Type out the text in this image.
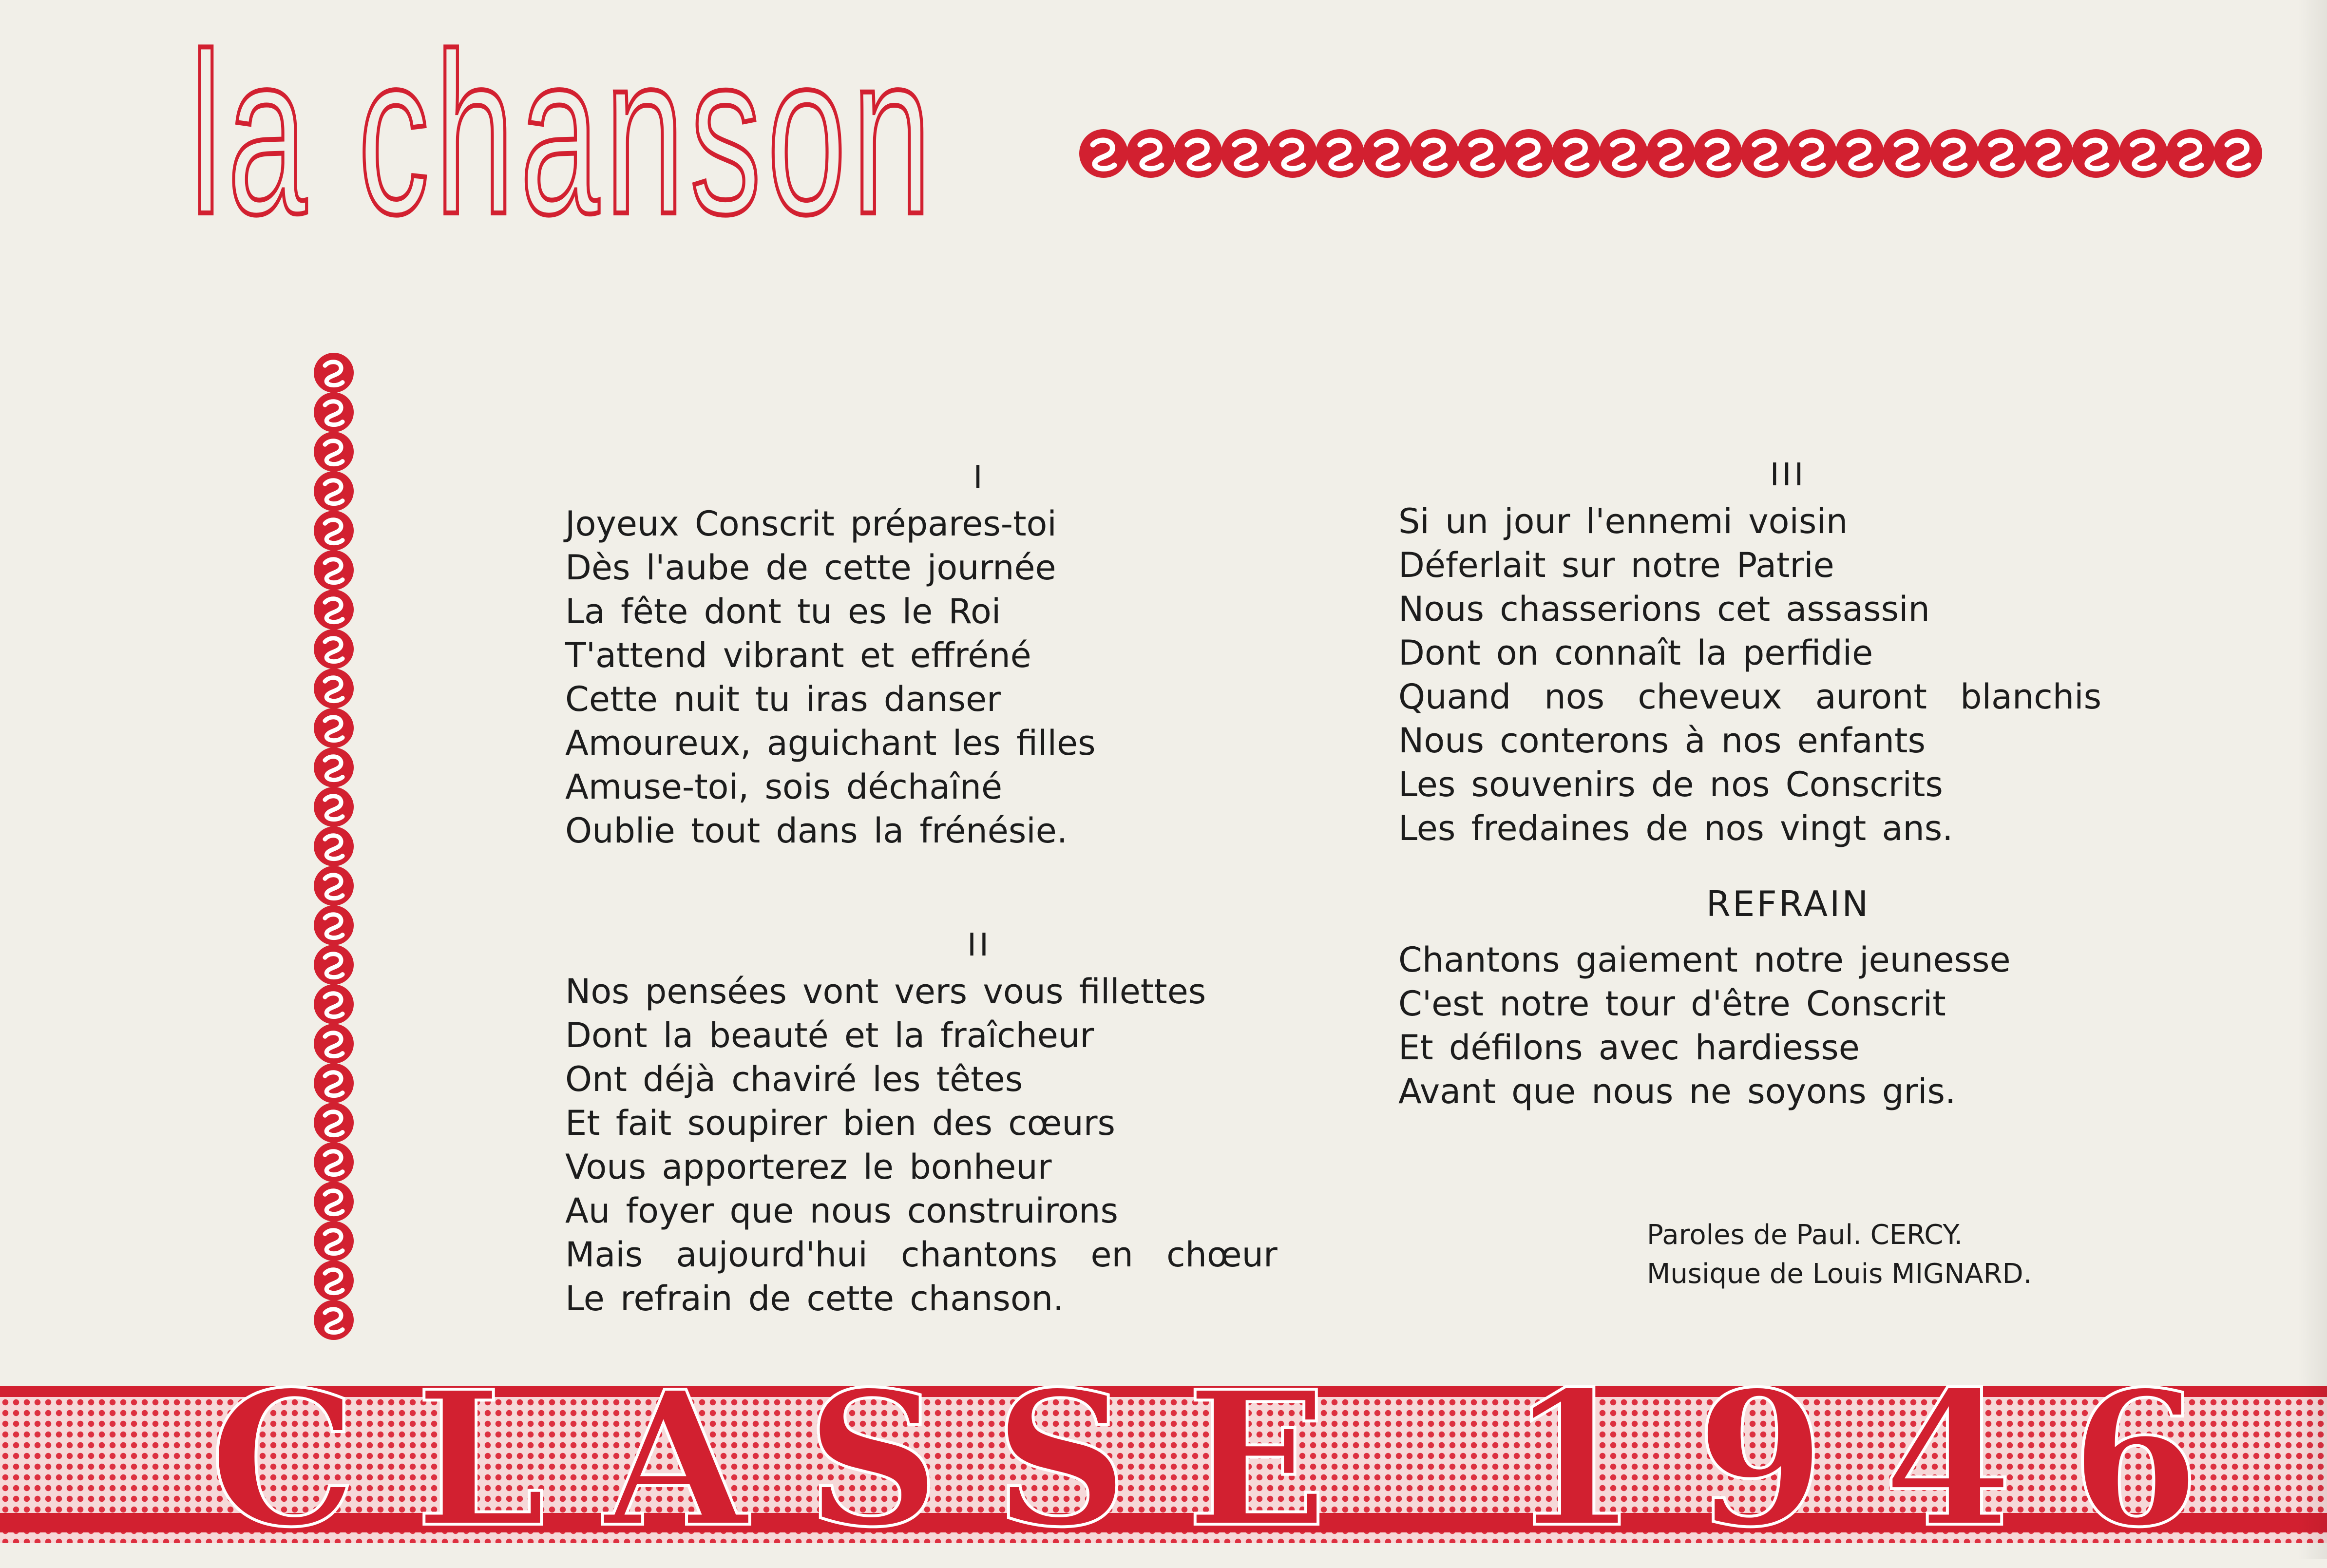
la chanson
I
Joyeux Conscrit prépares-toi
Dès l'aube de cette journée
La fête dont tu es le Roi
T'attend vibrant et effréné
Cette nuit tu iras danser
Amoureux, aguichant les filles
Amuse-toi, sois déchaîné
Oublie tout dans la frénésie.
II
Nos pensées vont vers vous fillettes
Dont la beauté et la fraîcheur
Ont déjà chaviré les têtes
Et fait soupirer bien des cœurs
Vous apporterez le bonheur
Au foyer que nous construirons
Mais aujourd'hui chantons en chœur
Le refrain de cette chanson.
III
Si un jour l'ennemi voisin
Déferlait sur notre Patrie
Nous chasserions cet assassin
Dont on connaît la perfidie
Quand nos cheveux auront blanchis
Nous conterons à nos enfants
Les souvenirs de nos Conscrits
Les fredaines de nos vingt ans.
REFRAIN
Chantons gaiement notre jeunesse
C'est notre tour d'être Conscrit
Et défilons avec hardiesse
Avant que nous ne soyons gris.
Paroles de Paul. CERCY.
Musique de Louis MIGNARD.
CLASSE 1946
